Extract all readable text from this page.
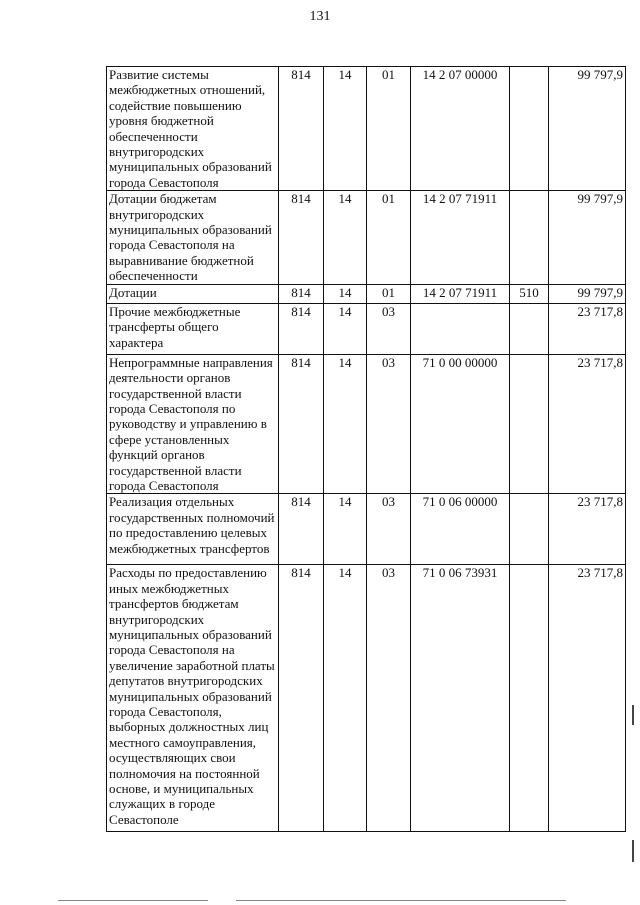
131
Развитие системы межбюджетных отношений, содействие повышению уровня бюджетной обеспеченности внутригородских муниципальных образований города Севастополя	814	14	01	14 2 07 00000		99 797,9
Дотации бюджетам внутригородских муниципальных образований города Севастополя на выравнивание бюджетной обеспеченности	814	14	01	14 2 07 71911		99 797,9
Дотации	814	14	01	14 2 07 71911	510	99 797,9
Прочие межбюджетные трансферты общего характера	814	14	03			23 717,8
Непрограммные направления деятельности органов государственной власти города Севастополя по руководству и управлению в сфере установленных функций органов государственной власти города Севастополя	814	14	03	71 0 00 00000		23 717,8
Реализация отдельных государственных полномочий по предоставлению целевых межбюджетных трансфертов	814	14	03	71 0 06 00000		23 717,8
Расходы по предоставлению иных межбюджетных трансфертов бюджетам внутригородских муниципальных образований города Севастополя на увеличение заработной платы депутатов внутригородских муниципальных образований города Севастополя, выборных должностных лиц местного самоуправления, осуществляющих свои полномочия на постоянной основе, и муниципальных служащих в городе Севастополе	814	14	03	71 0 06 73931		23 717,8
